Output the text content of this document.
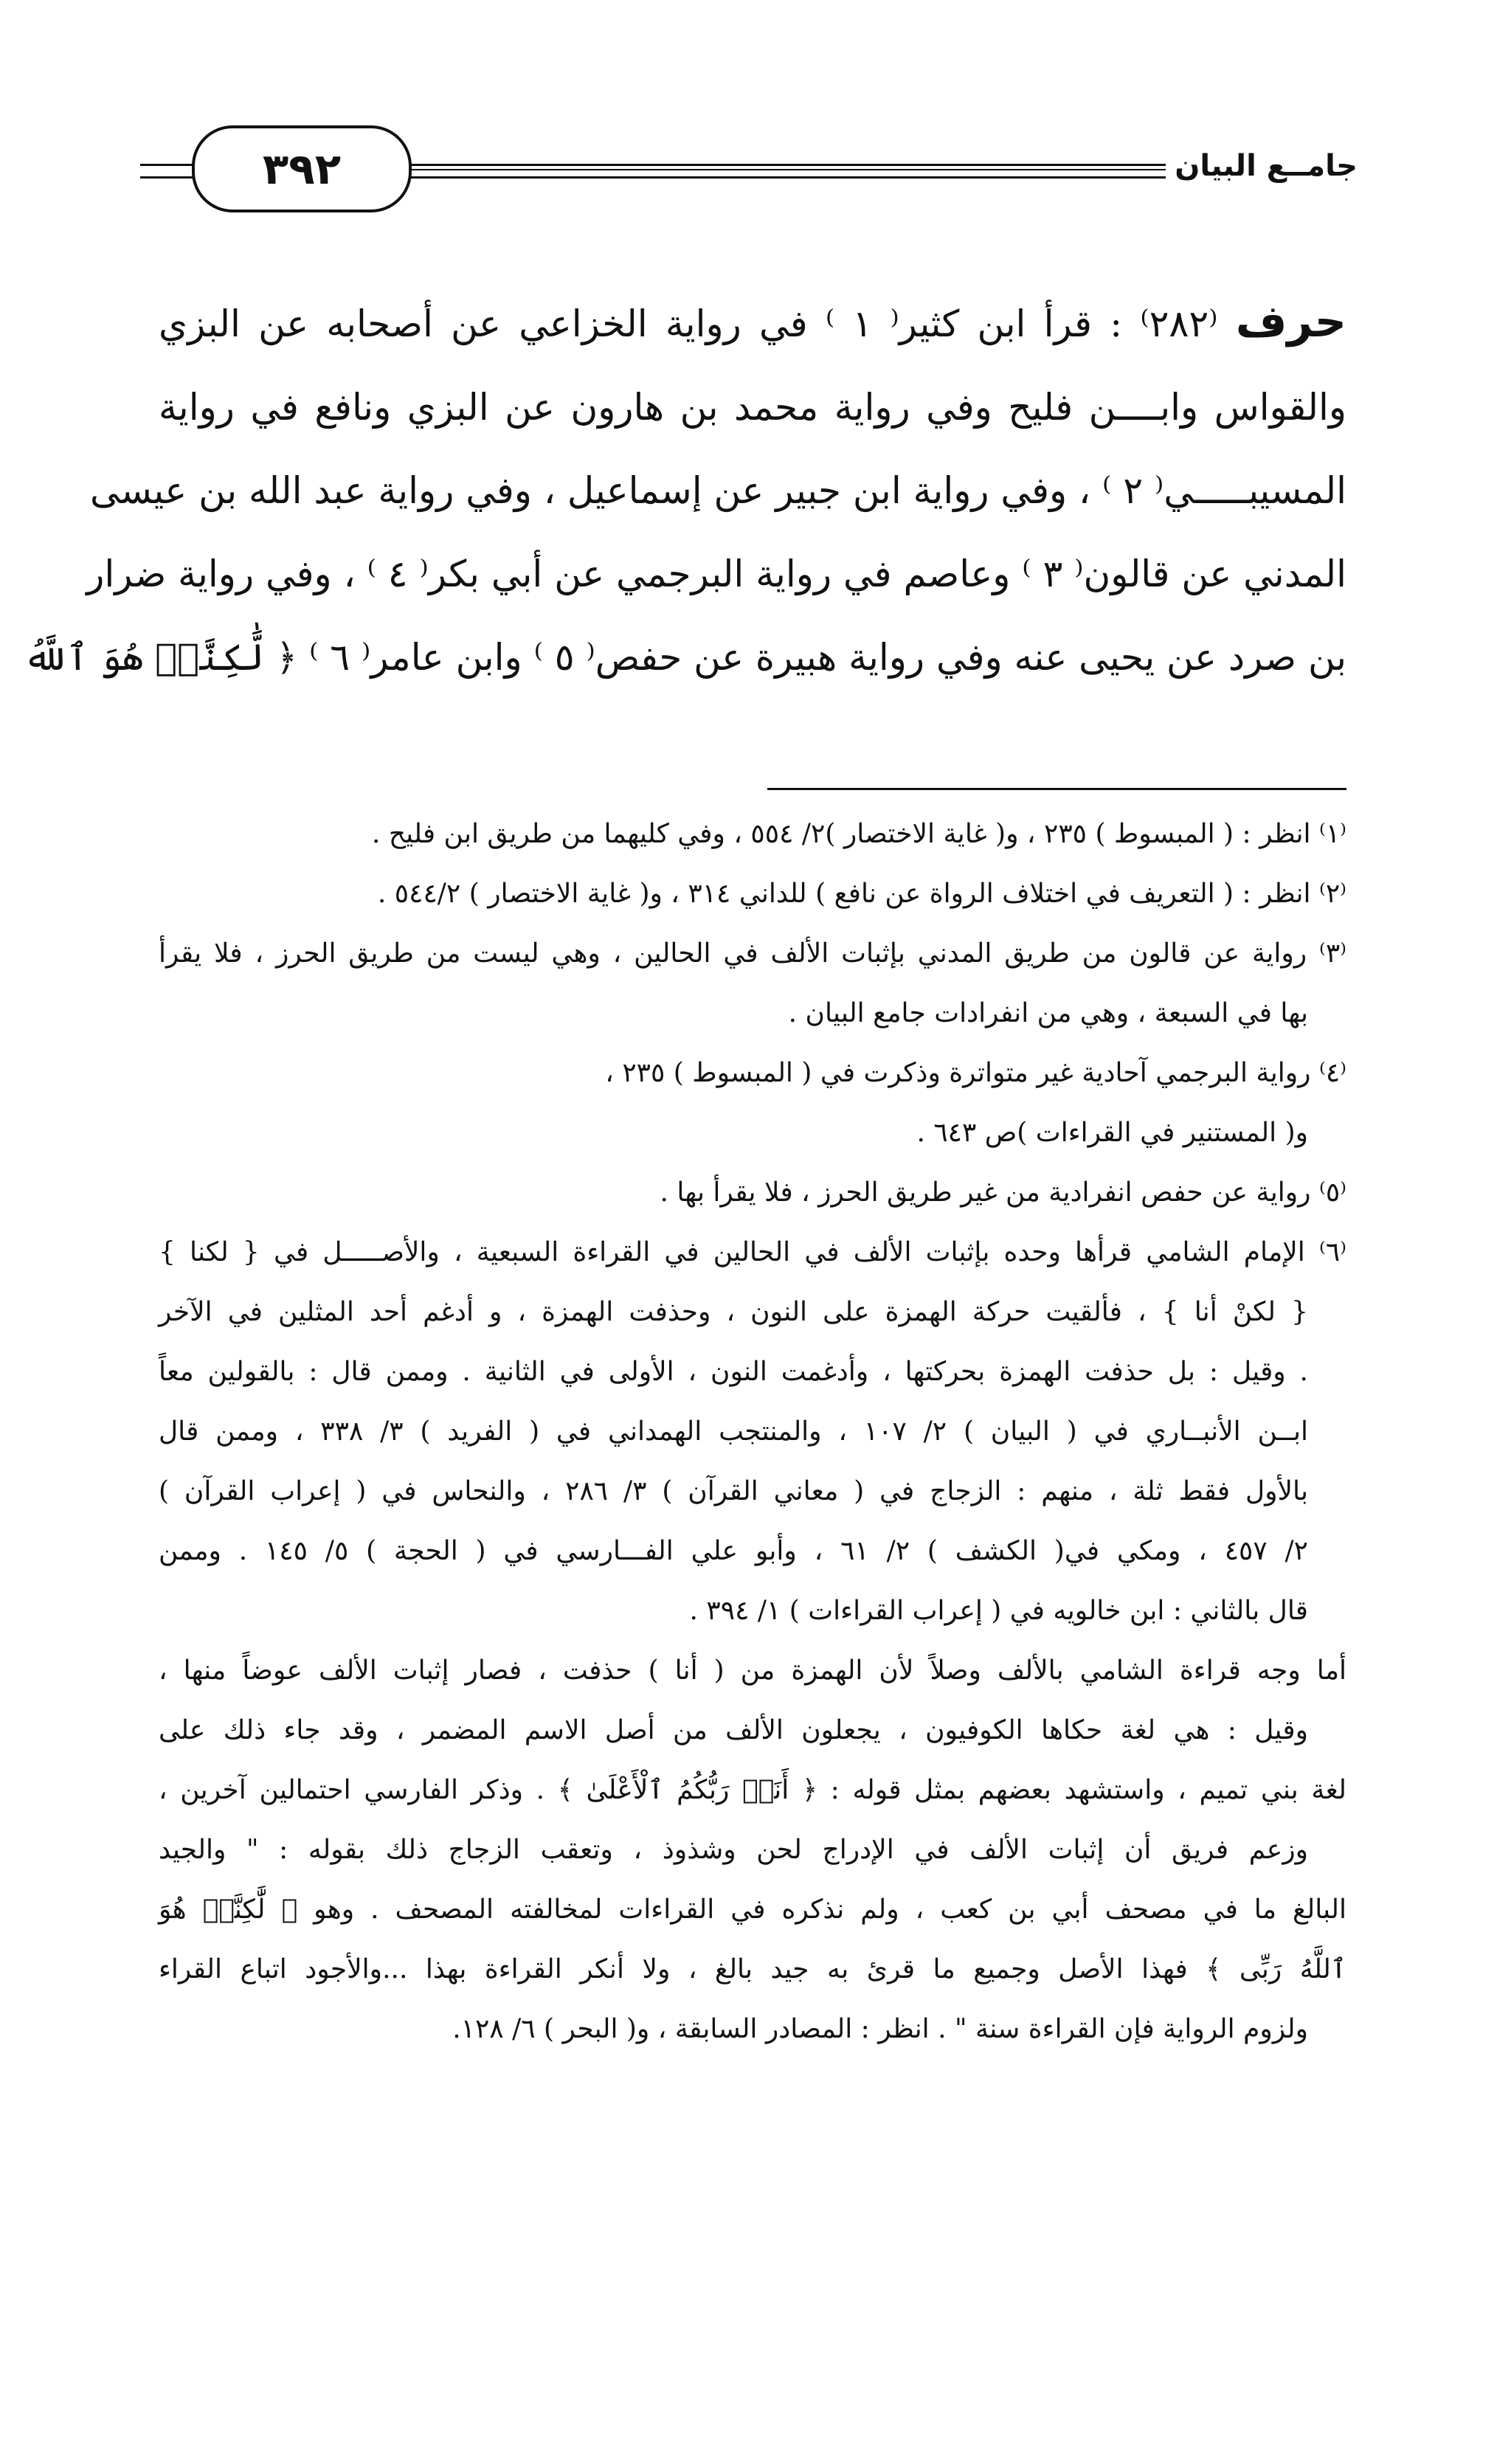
٣٩٢	جامــع البيان
حرف ⁽٢٨٢⁾ : قرأ ابن كثير⁽ ١ ⁾ في رواية الخزاعي عن أصحابه عن البزي
والقواس وابــــن فليح وفي رواية محمد بن هارون عن البزي ونافع في رواية
المسيبـــــي⁽ ٢ ⁾ ، وفي رواية ابن جبير عن إسماعيل ، وفي رواية عبد الله بن عيسى
المدني عن قالون⁽ ٣ ⁾ وعاصم في رواية البرجمي عن أبي بكر⁽ ٤ ⁾ ، وفي رواية ضرار
بن صرد عن يحيى عنه وفي رواية هبيرة عن حفص⁽ ٥ ⁾ وابن عامر⁽ ٦ ⁾ ﴿ لَّٰكِنَّا۠ هُوَ ٱللَّهُ
⁽١⁾ انظر : ( المبسوط ) ٢٣٥ ، و( غاية الاختصار )٢/ ٥٥٤ ، وفي كليهما من طريق ابن فليح .
⁽٢⁾ انظر : ( التعريف في اختلاف الرواة عن نافع ) للداني ٣١٤ ، و( غاية الاختصار ) ٥٤٤/٢ .
⁽٣⁾ رواية عن قالون من طريق المدني بإثبات الألف في الحالين ، وهي ليست من طريق الحرز ، فلا يقرأ
بها في السبعة ، وهي من انفرادات جامع البيان .
⁽٤⁾ رواية البرجمي آحادية غير متواترة وذكرت في ( المبسوط ) ٢٣٥ ،
و( المستنير في القراءات )ص ٦٤٣ .
⁽٥⁾ رواية عن حفص انفرادية من غير طريق الحرز ، فلا يقرأ بها .
⁽٦⁾ الإمام الشامي قرأها وحده بإثبات الألف في الحالين في القراءة السبعية ، والأصـــــل في { لكنا }
{ لكنْ أنا } ، فألقيت حركة الهمزة على النون ، وحذفت الهمزة ، و أدغم أحد المثلين في الآخر
. وقيل : بل حذفت الهمزة بحركتها ، وأدغمت النون ، الأولى في الثانية . وممن قال : بالقولين معاً
ابــن الأنبــاري في ( البيان ) ٢/ ١٠٧ ، والمنتجب الهمداني في ( الفريد ) ٣/ ٣٣٨ ، وممن قال
بالأول فقط ثلة ، منهم : الزجاج في ( معاني القرآن ) ٣/ ٢٨٦ ، والنحاس في ( إعراب القرآن )
٢/ ٤٥٧ ، ومكي في( الكشف ) ٢/ ٦١ ، وأبو علي الفـــارسي في ( الحجة ) ٥/ ١٤٥ . وممن
قال بالثاني : ابن خالويه في ( إعراب القراءات ) ١/ ٣٩٤ .
أما وجه قراءة الشامي بالألف وصلاً لأن الهمزة من ( أنا ) حذفت ، فصار إثبات الألف عوضاً منها ،
وقيل : هي لغة حكاها الكوفيون ، يجعلون الألف من أصل الاسم المضمر ، وقد جاء ذلك على
لغة بني تميم ، واستشهد بعضهم بمثل قوله : ﴿ أَنَا۠ رَبُّكُمُ ٱلْأَعْلَىٰ ﴾ . وذكر الفارسي احتمالين آخرين ،
وزعم فريق أن إثبات الألف في الإدراج لحن وشذوذ ، وتعقب الزجاج ذلك بقوله : " والجيد
البالغ ما في مصحف أبي بن كعب ، ولم نذكره في القراءات لمخالفته المصحف . وهو ﴿ لَّٰكِنَّا۠ هُوَ
ٱللَّهُ رَبِّى ﴾ فهذا الأصل وجميع ما قرئ به جيد بالغ ، ولا أنكر القراءة بهذا ...والأجود اتباع القراء
ولزوم الرواية فإن القراءة سنة " . انظر : المصادر السابقة ، و( البحر ) ٦/ ١٢٨.
